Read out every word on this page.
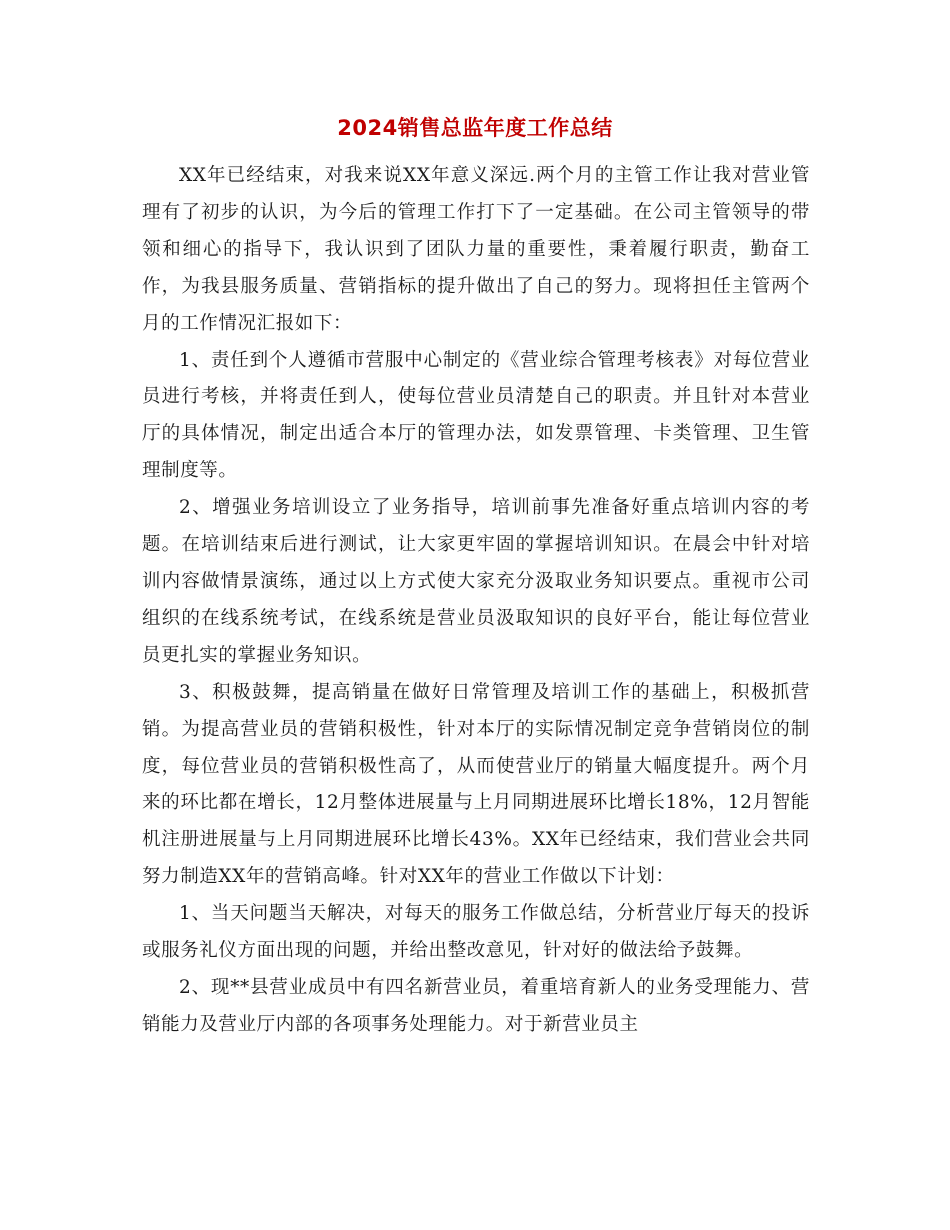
2024销售总监年度工作总结

XX年已经结束，对我来说XX年意义深远.两个月的主管工作让我对营业管理有了初步的认识，为今后的管理工作打下了一定基础。在公司主管领导的带领和细心的指导下，我认识到了团队力量的重要性，秉着履行职责，勤奋工作，为我县服务质量、营销指标的提升做出了自己的努力。现将担任主管两个月的工作情况汇报如下：

1、责任到个人遵循市营服中心制定的《营业综合管理考核表》对每位营业员进行考核，并将责任到人，使每位营业员清楚自己的职责。并且针对本营业厅的具体情况，制定出适合本厅的管理办法，如发票管理、卡类管理、卫生管理制度等。

2、增强业务培训设立了业务指导，培训前事先准备好重点培训内容的考题。在培训结束后进行测试，让大家更牢固的掌握培训知识。在晨会中针对培训内容做情景演练，通过以上方式使大家充分汲取业务知识要点。重视市公司组织的在线系统考试，在线系统是营业员汲取知识的良好平台，能让每位营业员更扎实的掌握业务知识。

3、积极鼓舞，提高销量在做好日常管理及培训工作的基础上，积极抓营销。为提高营业员的营销积极性，针对本厅的实际情况制定竞争营销岗位的制度，每位营业员的营销积极性高了，从而使营业厅的销量大幅度提升。两个月来的环比都在增长，12月整体进展量与上月同期进展环比增长18%，12月智能机注册进展量与上月同期进展环比增长43%。XX年已经结束，我们营业会共同努力制造XX年的营销高峰。针对XX年的营业工作做以下计划：

1、当天问题当天解决，对每天的服务工作做总结，分析营业厅每天的投诉或服务礼仪方面出现的问题，并给出整改意见，针对好的做法给予鼓舞。

2、现**县营业成员中有四名新营业员，着重培育新人的业务受理能力、营销能力及营业厅内部的各项事务处理能力。对于新营业员主
